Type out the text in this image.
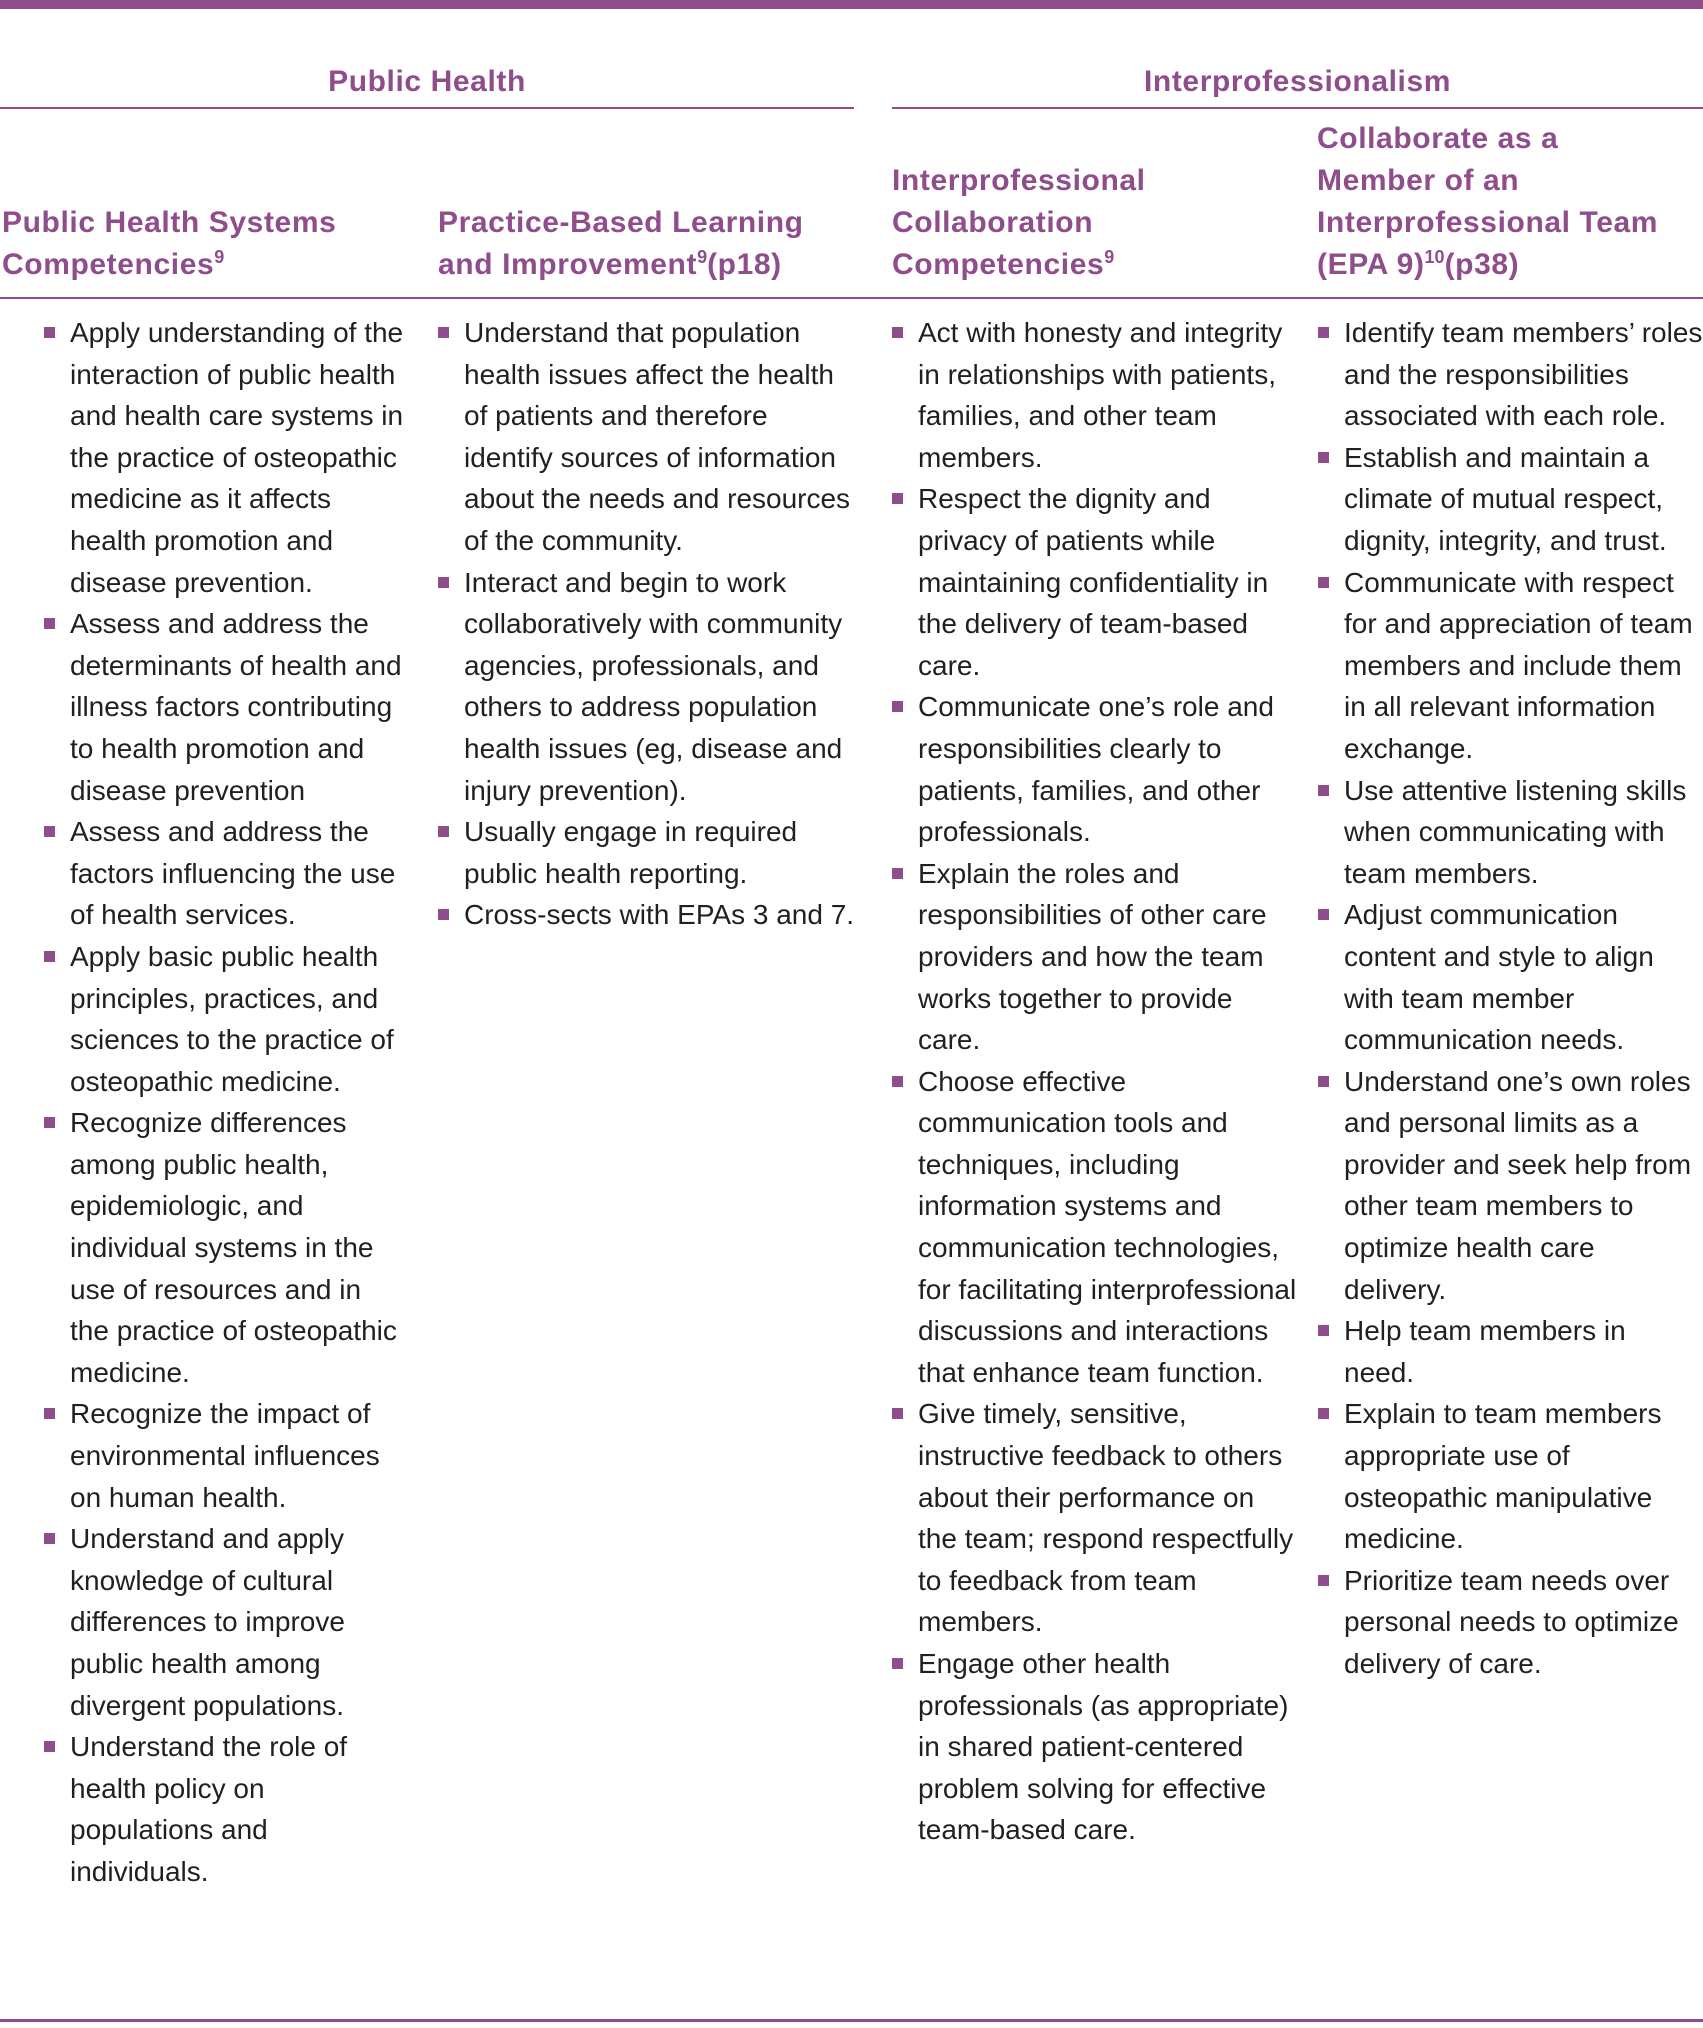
Public Health	Interprofessionalism
Public Health Systems
Competencies$^9$
Practice-Based Learning
and Improvement$^9$(p18)
Interprofessional
Collaboration
Competencies$^9$
Collaborate as a
Member of an
Interprofessional Team
(EPA 9)$^{10}$(p38)
Apply understanding of the interaction of public health and health care systems in the practice of osteopathic medicine as it affects health promotion and disease prevention.
Assess and address the determinants of health and illness factors contributing to health promotion and disease prevention
Assess and address the factors influencing the use of health services.
Apply basic public health principles, practices, and sciences to the practice of osteopathic medicine.
Recognize differences among public health, epidemiologic, and individual systems in the use of resources and in the practice of osteopathic medicine.
Recognize the impact of environmental influences on human health.
Understand and apply knowledge of cultural differences to improve public health among divergent populations.
Understand the role of health policy on populations and individuals.
Understand that population health issues affect the health of patients and therefore identify sources of information about the needs and resources of the community.
Interact and begin to work collaboratively with community agencies, professionals, and others to address population health issues (eg, disease and injury prevention).
Usually engage in required public health reporting.
Cross-sects with EPAs 3 and 7.
Act with honesty and integrity in relationships with patients, families, and other team members.
Respect the dignity and privacy of patients while maintaining confidentiality in the delivery of team-based care.
Communicate one’s role and responsibilities clearly to patients, families, and other professionals.
Explain the roles and responsibilities of other care providers and how the team works together to provide care.
Choose effective communication tools and techniques, including information systems and communication technologies, for facilitating interprofessional discussions and interactions that enhance team function.
Give timely, sensitive, instructive feedback to others about their performance on the team; respond respectfully to feedback from team members.
Engage other health professionals (as appropriate) in shared patient-centered problem solving for effective team-based care.
Identify team members’ roles and the responsibilities associated with each role.
Establish and maintain a climate of mutual respect, dignity, integrity, and trust.
Communicate with respect for and appreciation of team members and include them in all relevant information exchange.
Use attentive listening skills when communicating with team members.
Adjust communication content and style to align with team member communication needs.
Understand one’s own roles and personal limits as a provider and seek help from other team members to optimize health care delivery.
Help team members in need.
Explain to team members appropriate use of osteopathic manipulative medicine.
Prioritize team needs over personal needs to optimize delivery of care.
